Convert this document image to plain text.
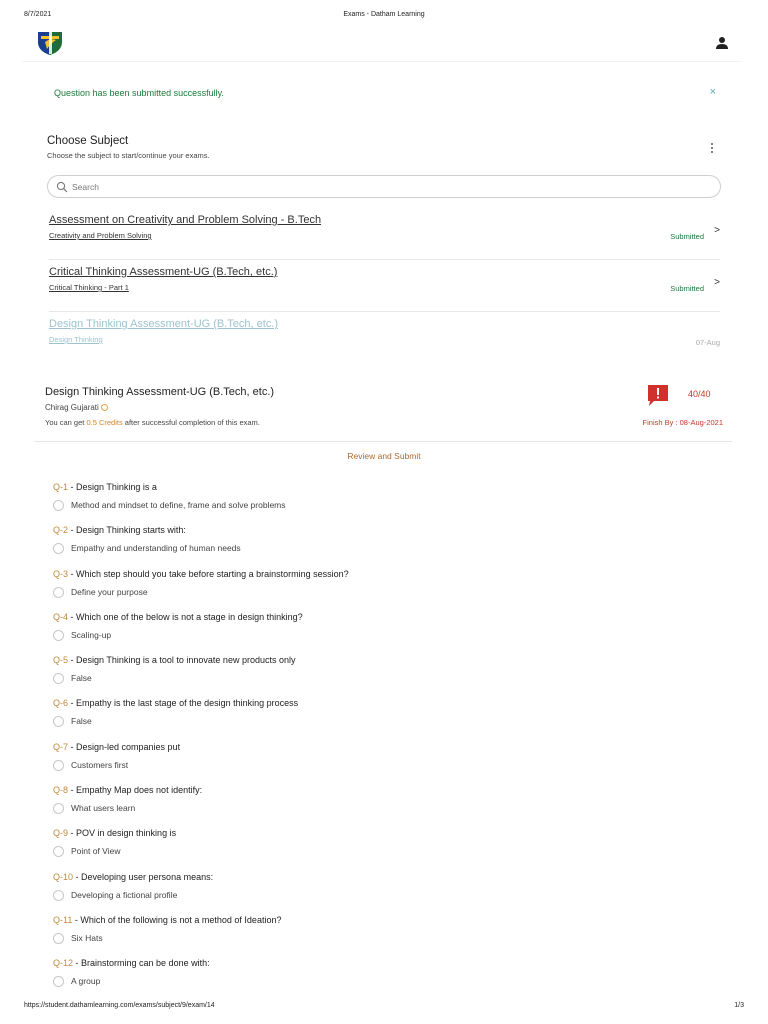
8/7/2021	Exams - Datham Learning
Question has been submitted successfully.	×
Choose Subject
Choose the subject to start/continue your exams.
Search
Assessment on Creativity and Problem Solving - B.Tech
Creativity and Problem Solving	Submitted
>
Critical Thinking Assessment-UG (B.Tech, etc.)
Critical Thinking - Part 1	Submitted
>
Design Thinking Assessment-UG (B.Tech, etc.)
Design Thinking	07-Aug
Design Thinking Assessment-UG (B.Tech, etc.)
Chirag Gujarati
You can get 0.5 Credits after successful completion of this exam.
40/40
Finish By : 08-Aug-2021
Review and Submit
Q-1 - Design Thinking is a
Method and mindset to define, frame and solve problems
Q-2 - Design Thinking starts with:
Empathy and understanding of human needs
Q-3 - Which step should you take before starting a brainstorming session?
Define your purpose
Q-4 - Which one of the below is not a stage in design thinking?
Scaling-up
Q-5 - Design Thinking is a tool to innovate new products only
False
Q-6 - Empathy is the last stage of the design thinking process
False
Q-7 - Design-led companies put
Customers first
Q-8 - Empathy Map does not identify:
What users learn
Q-9 - POV in design thinking is
Point of View
Q-10 - Developing user persona means:
Developing a fictional profile
Q-11 - Which of the following is not a method of Ideation?
Six Hats
Q-12 - Brainstorming can be done with:
A group
https://student.dathamlearning.com/exams/subject/9/exam/14	1/3
